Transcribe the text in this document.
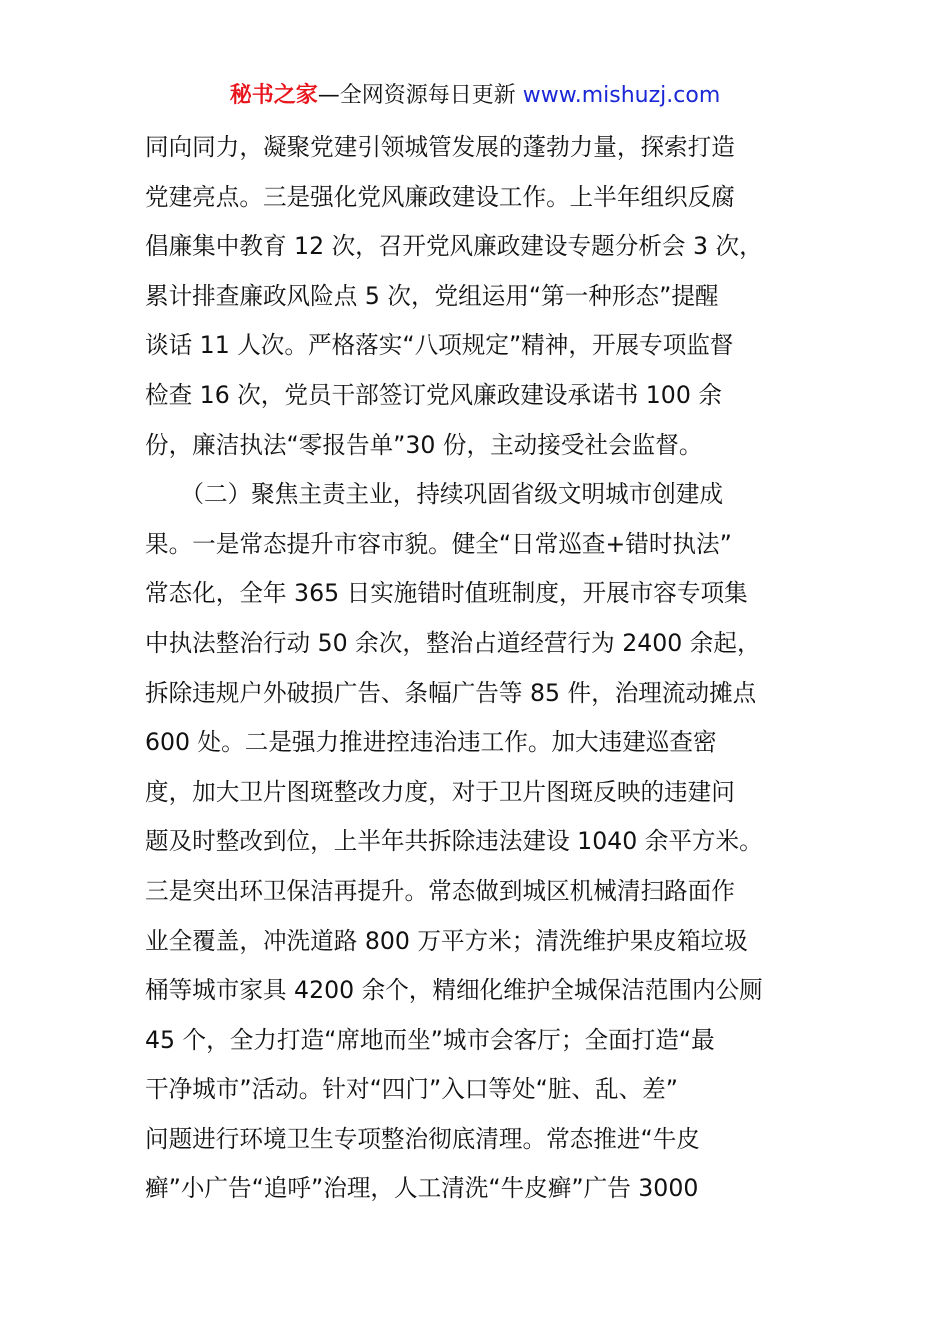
秘书之家—全网资源每日更新 www.mishuzj.com
同向同力，凝聚党建引领城管发展的蓬勃力量，探索打造
党建亮点。三是强化党风廉政建设工作。上半年组织反腐
倡廉集中教育 12 次，召开党风廉政建设专题分析会 3 次，
累计排查廉政风险点 5 次，党组运用“第一种形态”提醒
谈话 11 人次。严格落实“八项规定”精神，开展专项监督
检查 16 次，党员干部签订党风廉政建设承诺书 100 余
份，廉洁执法“零报告单”30 份，主动接受社会监督。
　　（二）聚焦主责主业，持续巩固省级文明城市创建成
果。一是常态提升市容市貌。健全“日常巡查+错时执法”
常态化，全年 365 日实施错时值班制度，开展市容专项集
中执法整治行动 50 余次，整治占道经营行为 2400 余起，
拆除违规户外破损广告、条幅广告等 85 件，治理流动摊点
600 处。二是强力推进控违治违工作。加大违建巡查密
度，加大卫片图斑整改力度，对于卫片图斑反映的违建问
题及时整改到位，上半年共拆除违法建设 1040 余平方米。
三是突出环卫保洁再提升。常态做到城区机械清扫路面作
业全覆盖，冲洗道路 800 万平方米；清洗维护果皮箱垃圾
桶等城市家具 4200 余个，精细化维护全城保洁范围内公厕
45 个，全力打造“席地而坐”城市会客厅；全面打造“最
干净城市”活动。针对“四门”入口等处“脏、乱、差”
问题进行环境卫生专项整治彻底清理。常态推进“牛皮
癣”小广告“追呼”治理，人工清洗“牛皮癣”广告 3000
